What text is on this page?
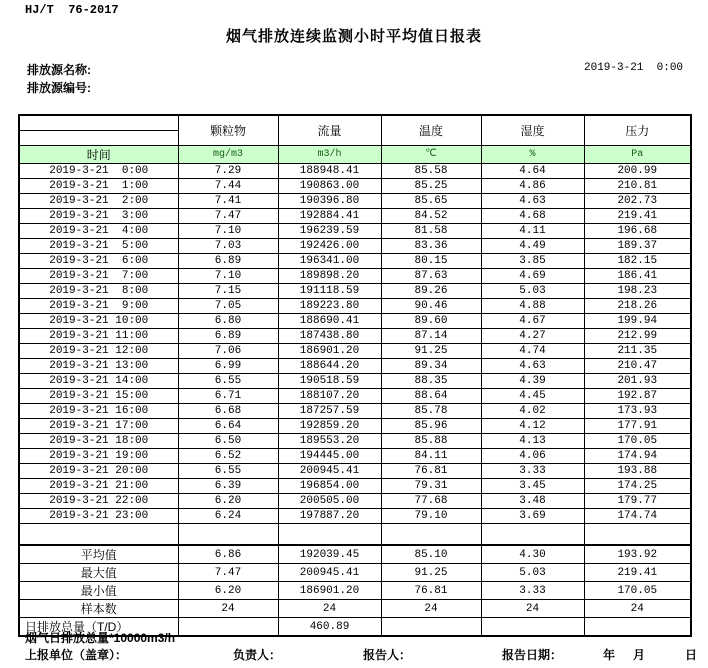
HJ/T  76-2017
烟气排放连续监测小时平均值日报表
排放源名称:	2019-3-21  0:00
排放源编号:
	颗粒物	流量	温度	湿度	压力

时间	mg/m3	m3/h	℃	%	Pa
2019-3-21  0:00	7.29	188948.41	85.58	4.64	200.99
2019-3-21  1:00	7.44	190863.00	85.25	4.86	210.81
2019-3-21  2:00	7.41	190396.80	85.65	4.63	202.73
2019-3-21  3:00	7.47	192884.41	84.52	4.68	219.41
2019-3-21  4:00	7.10	196239.59	81.58	4.11	196.68
2019-3-21  5:00	7.03	192426.00	83.36	4.49	189.37
2019-3-21  6:00	6.89	196341.00	80.15	3.85	182.15
2019-3-21  7:00	7.10	189898.20	87.63	4.69	186.41
2019-3-21  8:00	7.15	191118.59	89.26	5.03	198.23
2019-3-21  9:00	7.05	189223.80	90.46	4.88	218.26
2019-3-21 10:00	6.80	188690.41	89.60	4.67	199.94
2019-3-21 11:00	6.89	187438.80	87.14	4.27	212.99
2019-3-21 12:00	7.06	186901.20	91.25	4.74	211.35
2019-3-21 13:00	6.99	188644.20	89.34	4.63	210.47
2019-3-21 14:00	6.55	190518.59	88.35	4.39	201.93
2019-3-21 15:00	6.71	188107.20	88.64	4.45	192.87
2019-3-21 16:00	6.68	187257.59	85.78	4.02	173.93
2019-3-21 17:00	6.64	192859.20	85.96	4.12	177.91
2019-3-21 18:00	6.50	189553.20	85.88	4.13	170.05
2019-3-21 19:00	6.52	194445.00	84.11	4.06	174.94
2019-3-21 20:00	6.55	200945.41	76.81	3.33	193.88
2019-3-21 21:00	6.39	196854.00	79.31	3.45	174.25
2019-3-21 22:00	6.20	200505.00	77.68	3.48	179.77
2019-3-21 23:00	6.24	197887.20	79.10	3.69	174.74

平均值	6.86	192039.45	85.10	4.30	193.92
最大值	7.47	200945.41	91.25	5.03	219.41
最小值	6.20	186901.20	76.81	3.33	170.05
样本数	24	24	24	24	24
日排放总量（T/D）		460.89			
烟气日排放总量*10000m3/h
上报单位（盖章）：	负责人：	报告人：	报告日期：	年 月	日
